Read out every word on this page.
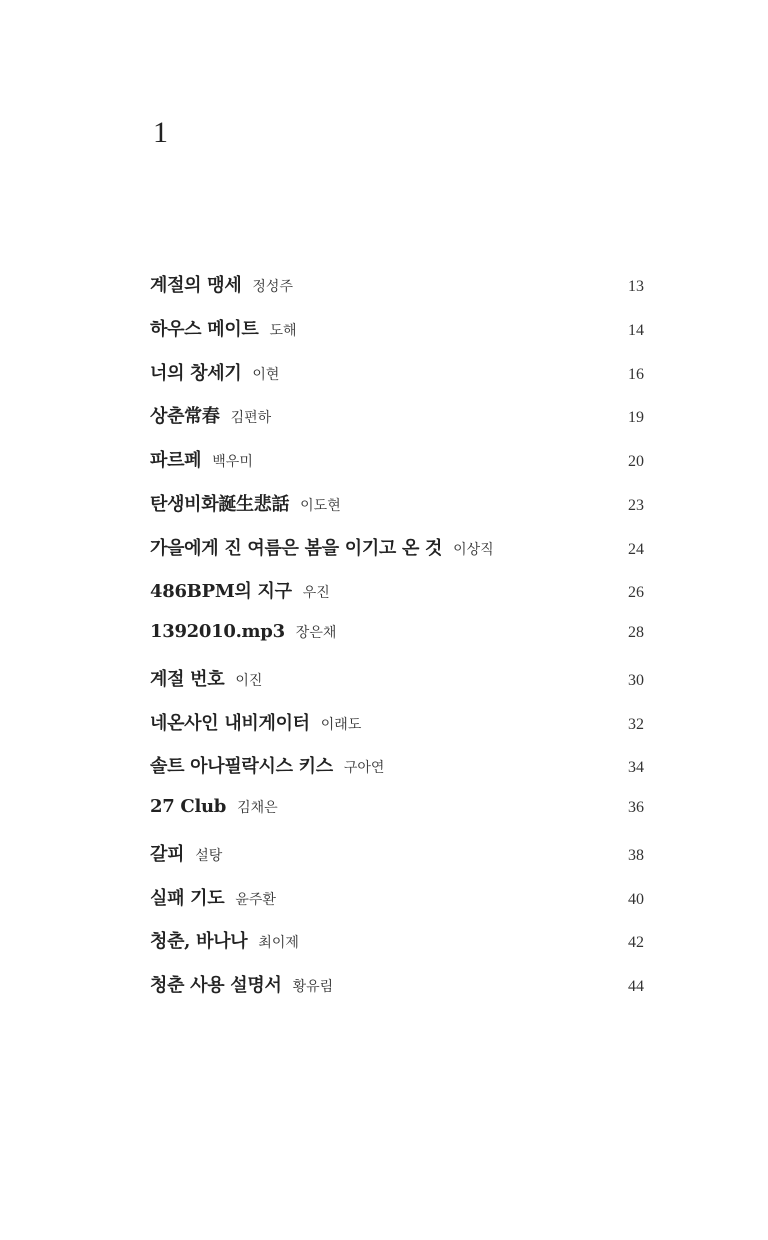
1
계절의 맹세 정성주	13
하우스 메이트 도해	14
너의 창세기 이현	16
상춘常春 김편하	19
파르페 백우미	20
탄생비화誕生悲話 이도현	23
가을에게 진 여름은 봄을 이기고 온 것 이상직	24
486BPM의 지구 우진	26
1392010.mp3 장은채	28
계절 번호 이진	30
네온사인 내비게이터 이래도	32
솔트 아나필락시스 키스 구아연	34
27 Club 김채은	36
갈피 설탕	38
실패 기도 윤주환	40
청춘, 바나나 최이제	42
청춘 사용 설명서 황유림	44
